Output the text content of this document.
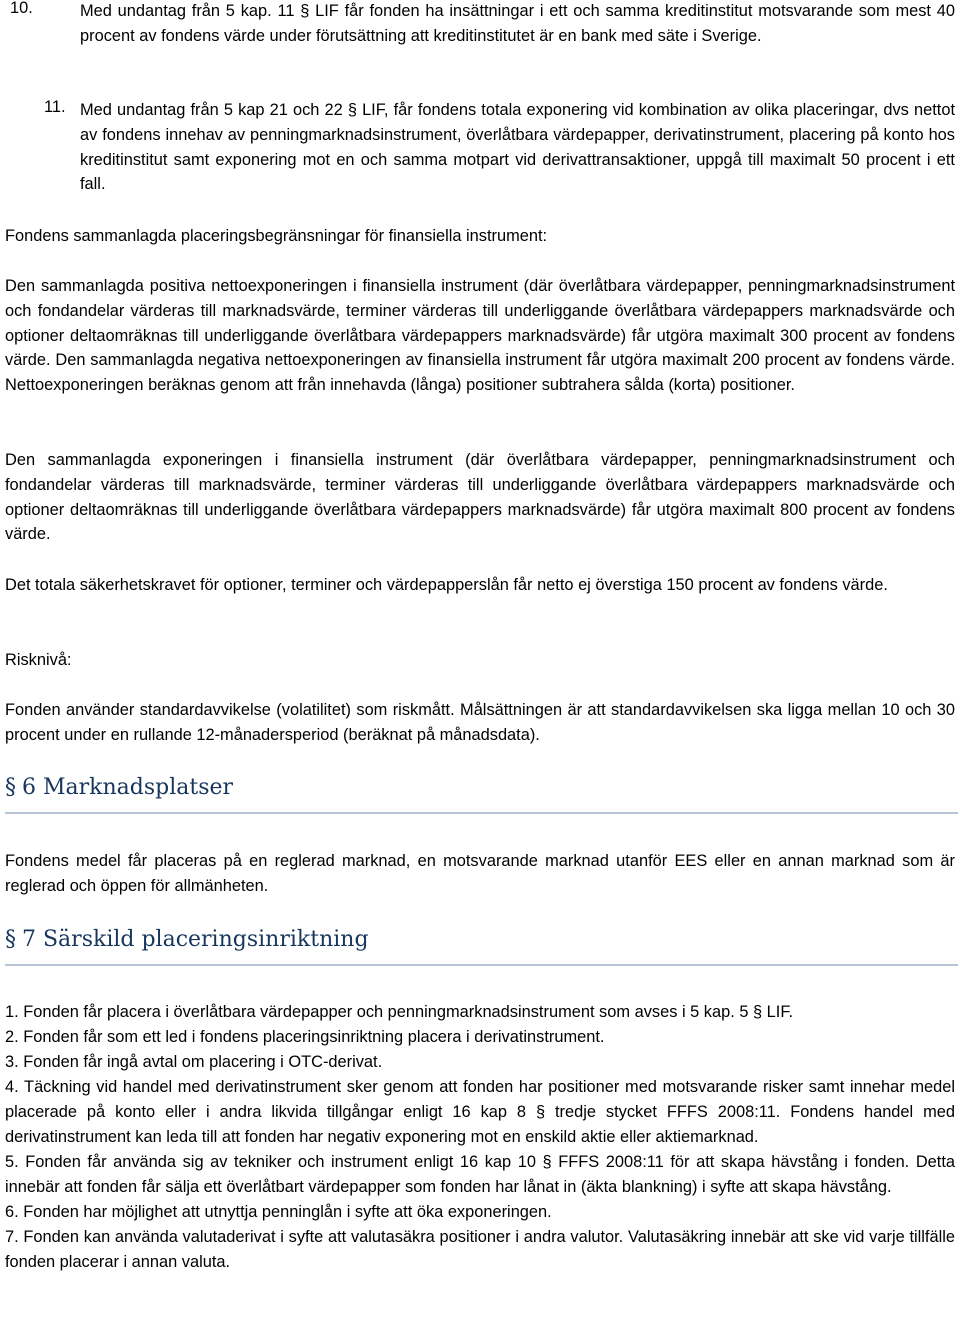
10.	Med undantag från 5 kap. 11 § LIF får fonden ha insättningar i ett och samma kreditinstitut motsvarande som mest 40 procent av fondens värde under förutsättning att kreditinstitutet är en bank med säte i Sverige.

11. Med undantag från 5 kap 21 och 22 § LIF, får fondens totala exponering vid kombination av olika placeringar, dvs nettot av fondens innehav av penningmarknadsinstrument, överlåtbara värdepapper, derivatinstrument, placering på konto hos kreditinstitut samt exponering mot en och samma motpart vid derivattransaktioner, uppgå till maximalt 50 procent i ett fall.

Fondens sammanlagda placeringsbegränsningar för finansiella instrument:

Den sammanlagda positiva nettoexponeringen i finansiella instrument (där överlåtbara värdepapper, penningmarknadsinstrument och fondandelar värderas till marknadsvärde, terminer värderas till underliggande överlåtbara värdepappers marknadsvärde och optioner deltaomräknas till underliggande överlåtbara värdepappers marknadsvärde) får utgöra maximalt 300 procent av fondens värde. Den sammanlagda negativa nettoexponeringen av finansiella instrument får utgöra maximalt 200 procent av fondens värde. Nettoexponeringen beräknas genom att från innehavda (långa) positioner subtrahera sålda (korta) positioner.

Den sammanlagda exponeringen i finansiella instrument (där överlåtbara värdepapper, penningmarknadsinstrument och fondandelar värderas till marknadsvärde, terminer värderas till underliggande överlåtbara värdepappers marknadsvärde och optioner deltaomräknas till underliggande överlåtbara värdepappers marknadsvärde) får utgöra maximalt 800 procent av fondens värde.

Det totala säkerhetskravet för optioner, terminer och värdepapperslån får netto ej överstiga 150 procent av fondens värde.

Risknivå:

Fonden använder standardavvikelse (volatilitet) som riskmått. Målsättningen är att standardavvikelsen ska ligga mellan 10 och 30 procent under en rullande 12-månadersperiod (beräknat på månadsdata).

§ 6 Marknadsplatser

Fondens medel får placeras på en reglerad marknad, en motsvarande marknad utanför EES eller en annan marknad som är reglerad och öppen för allmänheten.

§ 7 Särskild placeringsinriktning
1. Fonden får placera i överlåtbara värdepapper och penningmarknadsinstrument som avses i 5 kap. 5 § LIF.
2. Fonden får som ett led i fondens placeringsinriktning placera i derivatinstrument.
3. Fonden får ingå avtal om placering i OTC-derivat.
4. Täckning vid handel med derivatinstrument sker genom att fonden har positioner med motsvarande risker samt innehar medel placerade på konto eller i andra likvida tillgångar enligt 16 kap 8 § tredje stycket FFFS 2008:11. Fondens handel med derivatinstrument kan leda till att fonden har negativ exponering mot en enskild aktie eller aktiemarknad.
5. Fonden får använda sig av tekniker och instrument enligt 16 kap 10 § FFFS 2008:11 för att skapa hävstång i fonden. Detta innebär att fonden får sälja ett överlåtbart värdepapper som fonden har lånat in (äkta blankning) i syfte att skapa hävstång.
6. Fonden har möjlighet att utnyttja penninglån i syfte att öka exponeringen.
7. Fonden kan använda valutaderivat i syfte att valutasäkra positioner i andra valutor. Valutasäkring innebär att ske vid varje tillfälle fonden placerar i annan valuta.
